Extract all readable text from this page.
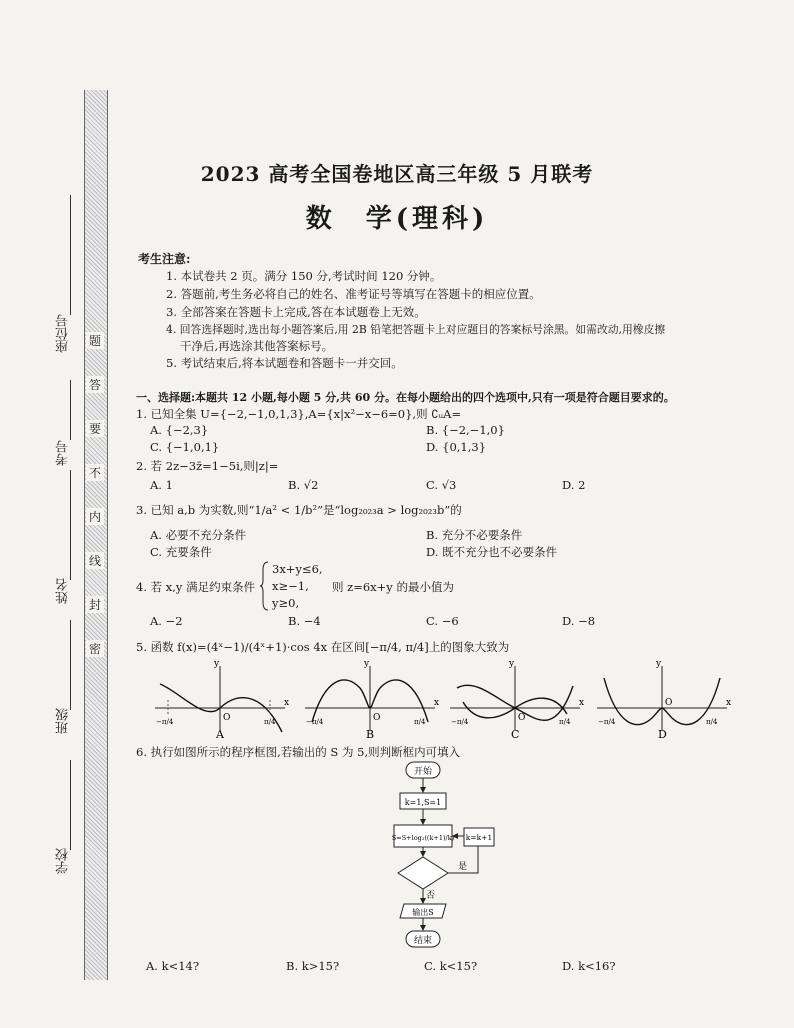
座位号
考号
姓名
班级
学校
题
答
要
不
内
线
封
密
2023 高考全国卷地区高三年级 5 月联考
数　学(理科)
考生注意:
1. 本试卷共 2 页。满分 150 分,考试时间 120 分钟。
2. 答题前,考生务必将自己的姓名、准考证号等填写在答题卡的相应位置。
3. 全部答案在答题卡上完成,答在本试题卷上无效。
4. 回答选择题时,选出每小题答案后,用 2B 铅笔把答题卡上对应题目的答案标号涂黑。如需改动,用橡皮擦
干净后,再选涂其他答案标号。
5. 考试结束后,将本试题卷和答题卡一并交回。
一、选择题:本题共 12 小题,每小题 5 分,共 60 分。在每小题给出的四个选项中,只有一项是符合题目要求的。
1. 已知全集 U={−2,−1,0,1,3},A={x|x²−x−6=0},则 ∁ᵤA=
A. {−2,3}	B. {−2,−1,0}
C. {−1,0,1}	D. {0,1,3}
2. 若 2z−3z̄=1−5i,则|z|=
A. 1	B. √2	C. √3	D. 2
3. 已知 a,b 为实数,则“1/a² < 1/b²”是“log₂₀₂₃a > log₂₀₂₃b”的
A. 必要不充分条件	B. 充分不必要条件
C. 充要条件	D. 既不充分也不必要条件
4. 若 x,y 满足约束条件
3x+y≤6,
x≥−1,
y≥0,
则 z=6x+y 的最小值为
A. −2	B. −4	C. −6	D. −8
5. 函数 f(x)=(4ˣ−1)/(4ˣ+1)·cos 4x 在区间[−π/4, π/4]上的图象大致为
y
x
O
−π/4	π/4
A
y
x
O
−π/4	π/4
B
y
x
O
−π/4	π/4
C
y
x
O
−π/4	π/4
D
6. 执行如图所示的程序框图,若输出的 S 为 5,则判断框内可填入
开始
k=1,S=1
S=S+log₂((k+1)/k)
是
k=k+1
否
输出S
结束
A. k<14?	B. k>15?	C. k<15?	D. k<16?
